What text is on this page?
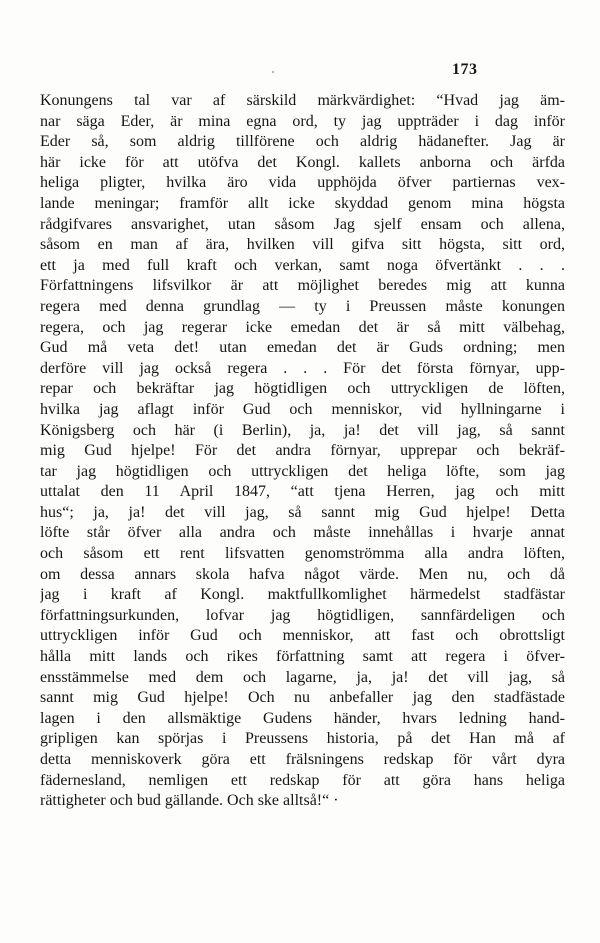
173
Konungens tal var af särskild märkvärdighet: “Hvad jag äm-
nar säga Eder, är mina egna ord, ty jag uppträder i dag inför
Eder så, som aldrig tillförene och aldrig hädanefter. Jag är
här icke för att utöfva det Kongl. kallets anborna och ärfda
heliga pligter, hvilka äro vida upphöjda öfver partiernas vex-
lande meningar; framför allt icke skyddad genom mina högsta
rådgifvares ansvarighet, utan såsom Jag sjelf ensam och allena,
såsom en man af ära, hvilken vill gifva sitt högsta, sitt ord,
ett ja med full kraft och verkan, samt noga öfvertänkt . . .
Författningens lifsvilkor är att möjlighet beredes mig att kunna
regera med denna grundlag — ty i Preussen måste konungen
regera, och jag regerar icke emedan det är så mitt välbehag,
Gud må veta det! utan emedan det är Guds ordning; men
derföre vill jag också regera . . . För det första förnyar, upp-
repar och bekräftar jag högtidligen och uttryckligen de löften,
hvilka jag aflagt inför Gud och menniskor, vid hyllningarne i
Königsberg och här (i Berlin), ja, ja! det vill jag, så sannt
mig Gud hjelpe! För det andra förnyar, upprepar och bekräf-
tar jag högtidligen och uttryckligen det heliga löfte, som jag
uttalat den 11 April 1847, “att tjena Herren, jag och mitt
hus“; ja, ja! det vill jag, så sannt mig Gud hjelpe! Detta
löfte står öfver alla andra och måste innehållas i hvarje annat
och såsom ett rent lifsvatten genomströmma alla andra löften,
om dessa annars skola hafva något värde. Men nu, och då
jag i kraft af Kongl. maktfullkomlighet härmedelst stadfästar
författningsurkunden, lofvar jag högtidligen, sannfärdeligen och
uttryckligen inför Gud och menniskor, att fast och obrottsligt
hålla mitt lands och rikes författning samt att regera i öfver-
ensstämmelse med dem och lagarne, ja, ja! det vill jag, så
sannt mig Gud hjelpe! Och nu anbefaller jag den stadfästade
lagen i den allsmäktige Gudens händer, hvars ledning hand-
gripligen kan spörjas i Preussens historia, på det Han må af
detta menniskoverk göra ett frälsningens redskap för vårt dyra
fädernesland, nemligen ett redskap för att göra hans heliga
rättigheter och bud gällande. Och ske alltså!“ ·
